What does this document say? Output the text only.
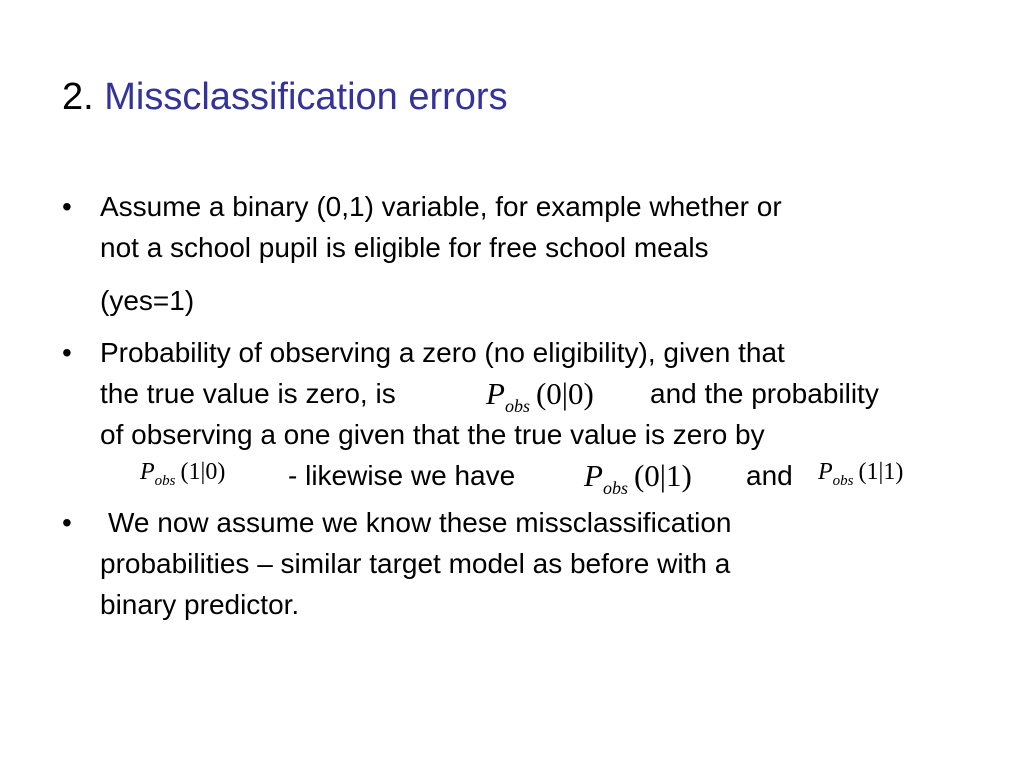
2. Missclassification errors
• Assume a binary (0,1) variable, for example whether or
not a school pupil is eligible for free school meals
(yes=1)
• Probability of observing a zero (no eligibility), given that
the true value is zero, is	$P_{obs}$ (0|0) and the probability
of observing a one given that the true value is zero by
$P_{obs}$ (1|0) - likewise we have $P_{obs}$ (0|1) and $P_{obs}$ (1|1)
• We now assume we know these missclassification
probabilities – similar target model as before with a
binary predictor.
